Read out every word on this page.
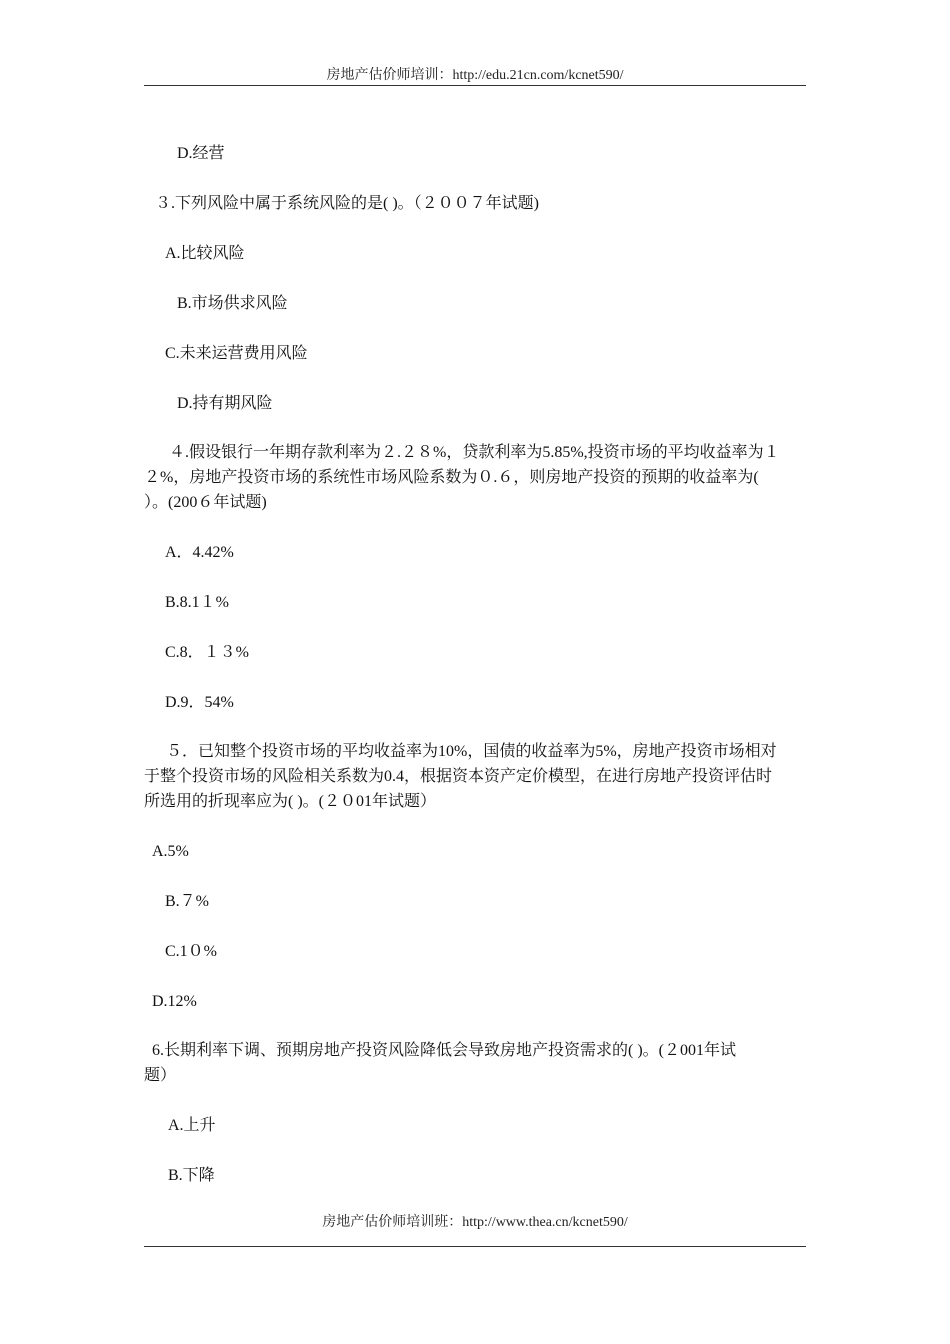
房地产估价师培训：http://edu.21cn.com/kcnet590/
D.经营
３.下列风险中属于系统风险的是( )。（２００７年试题)
A.比较风险
B.市场供求风险
C.未来运营费用风险
D.持有期风险
４.假设银行一年期存款利率为２.２８%，贷款利率为5.85%,投资市场的平均收益率为１
２%，房地产投资市场的系统性市场风险系数为０.６，则房地产投资的预期的收益率为(
）。(200６年试题)
A．4.42%
B.8.1１%
C.8．１３%
D.9．54%
５．已知整个投资市场的平均收益率为10%，国债的收益率为5%，房地产投资市场相对
于整个投资市场的风险相关系数为0.4，根据资本资产定价模型，在进行房地产投资评估时
所选用的折现率应为( )。(２０01年试题）
A.5%
B.７%
C.1０%
D.12%
6.长期利率下调、预期房地产投资风险降低会导致房地产投资需求的( )。(２001年试
题）
A.上升
B.下降
房地产估价师培训班：http://www.thea.cn/kcnet590/
